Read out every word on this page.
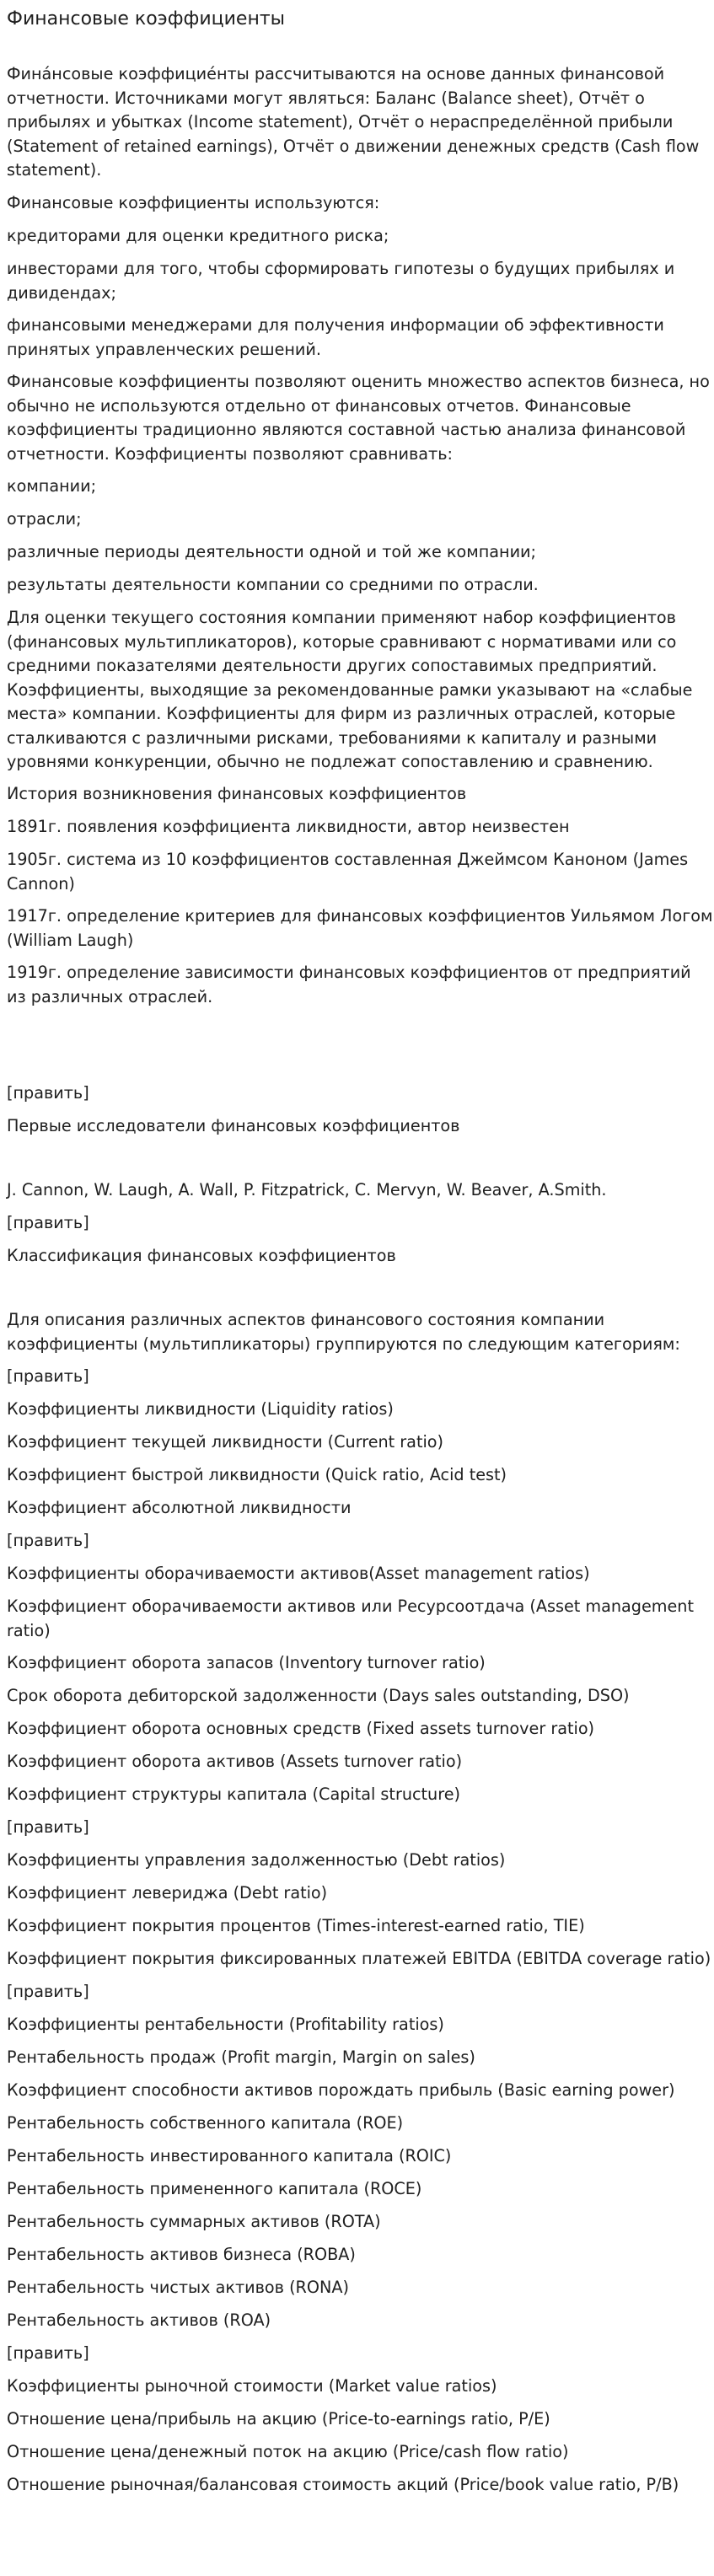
Финансовые коэффициенты

Финáнсовые коэффициéнты рассчитываются на основе данных финансовой отчетности. Источниками могут являться: Баланс (Balance sheet), Отчёт о прибылях и убытках (Income statement), Отчёт о нераспределённой прибыли (Statement of retained earnings), Отчёт о движении денежных средств (Cash flow statement).

Финансовые коэффициенты используются:

кредиторами для оценки кредитного риска;

инвесторами для того, чтобы сформировать гипотезы о будущих прибылях и дивидендах;

финансовыми менеджерами для получения информации об эффективности принятых управленческих решений.

Финансовые коэффициенты позволяют оценить множество аспектов бизнеса, но обычно не используются отдельно от финансовых отчетов. Финансовые коэффициенты традиционно являются составной частью анализа финансовой отчетности. Коэффициенты позволяют сравнивать:

компании;

отрасли;

различные периоды деятельности одной и той же компании;

результаты деятельности компании со средними по отрасли.

Для оценки текущего состояния компании применяют набор коэффициентов (финансовых мультипликаторов), которые сравнивают с нормативами или со средними показателями деятельности других сопоставимых предприятий. Коэффициенты, выходящие за рекомендованные рамки указывают на «слабые места» компании. Коэффициенты для фирм из различных отраслей, которые сталкиваются с различными рисками, требованиями к капиталу и разными уровнями конкуренции, обычно не подлежат сопоставлению и сравнению.

История возникновения финансовых коэффициентов

1891г. появления коэффициента ликвидности, автор неизвестен

1905г. система из 10 коэффициентов составленная Джеймсом Каноном (James Cannon)

1917г. определение критериев для финансовых коэффициентов Уильямом Логом (William Laugh)

1919г. определение зависимости финансовых коэффициентов от предприятий из различных отраслей.

[править]

Первые исследователи финансовых коэффициентов

J. Cannon, W. Laugh, A. Wall, P. Fitzpatrick, C. Mervyn, W. Beaver, A.Smith.

[править]

Классификация финансовых коэффициентов

Для описания различных аспектов финансового состояния компании коэффициенты (мультипликаторы) группируются по следующим категориям:

[править]

Коэффициенты ликвидности (Liquidity ratios)

Коэффициент текущей ликвидности (Current ratio)

Коэффициент быстрой ликвидности (Quick ratio, Acid test)

Коэффициент абсолютной ликвидности

[править]

Коэффициенты оборачиваемости активов(Asset management ratios)

Коэффициент оборачиваемости активов или Ресурсоотдача (Asset management ratio)

Коэффициент оборота запасов (Inventory turnover ratio)

Срок оборота дебиторской задолженности (Days sales outstanding, DSO)

Коэффициент оборота основных средств (Fixed assets turnover ratio)

Коэффициент оборота активов (Assets turnover ratio)

Коэффициент структуры капитала (Capital structure)

[править]

Коэффициенты управления задолженностью (Debt ratios)

Коэффициент левериджа (Debt ratio)

Коэффициент покрытия процентов (Times-interest-earned ratio, TIE)

Коэффициент покрытия фиксированных платежей EBITDA (EBITDA coverage ratio)

[править]

Коэффициенты рентабельности (Profitability ratios)

Рентабельность продаж (Profit margin, Margin on sales)

Коэффициент способности активов порождать прибыль (Basic earning power)

Рентабельность собственного капитала (ROE)

Рентабельность инвестированного капитала (ROIC)

Рентабельность примененного капитала (ROCE)

Рентабельность суммарных активов (ROTA)

Рентабельность активов бизнеса (ROBA)

Рентабельность чистых активов (RONA)

Рентабельность активов (ROA)

[править]

Коэффициенты рыночной стоимости (Market value ratios)

Отношение цена/прибыль на акцию (Price-to-earnings ratio, P/E)

Отношение цена/денежный поток на акцию (Price/cash flow ratio)

Отношение рыночная/балансовая стоимость акций (Price/book value ratio, P/B)
